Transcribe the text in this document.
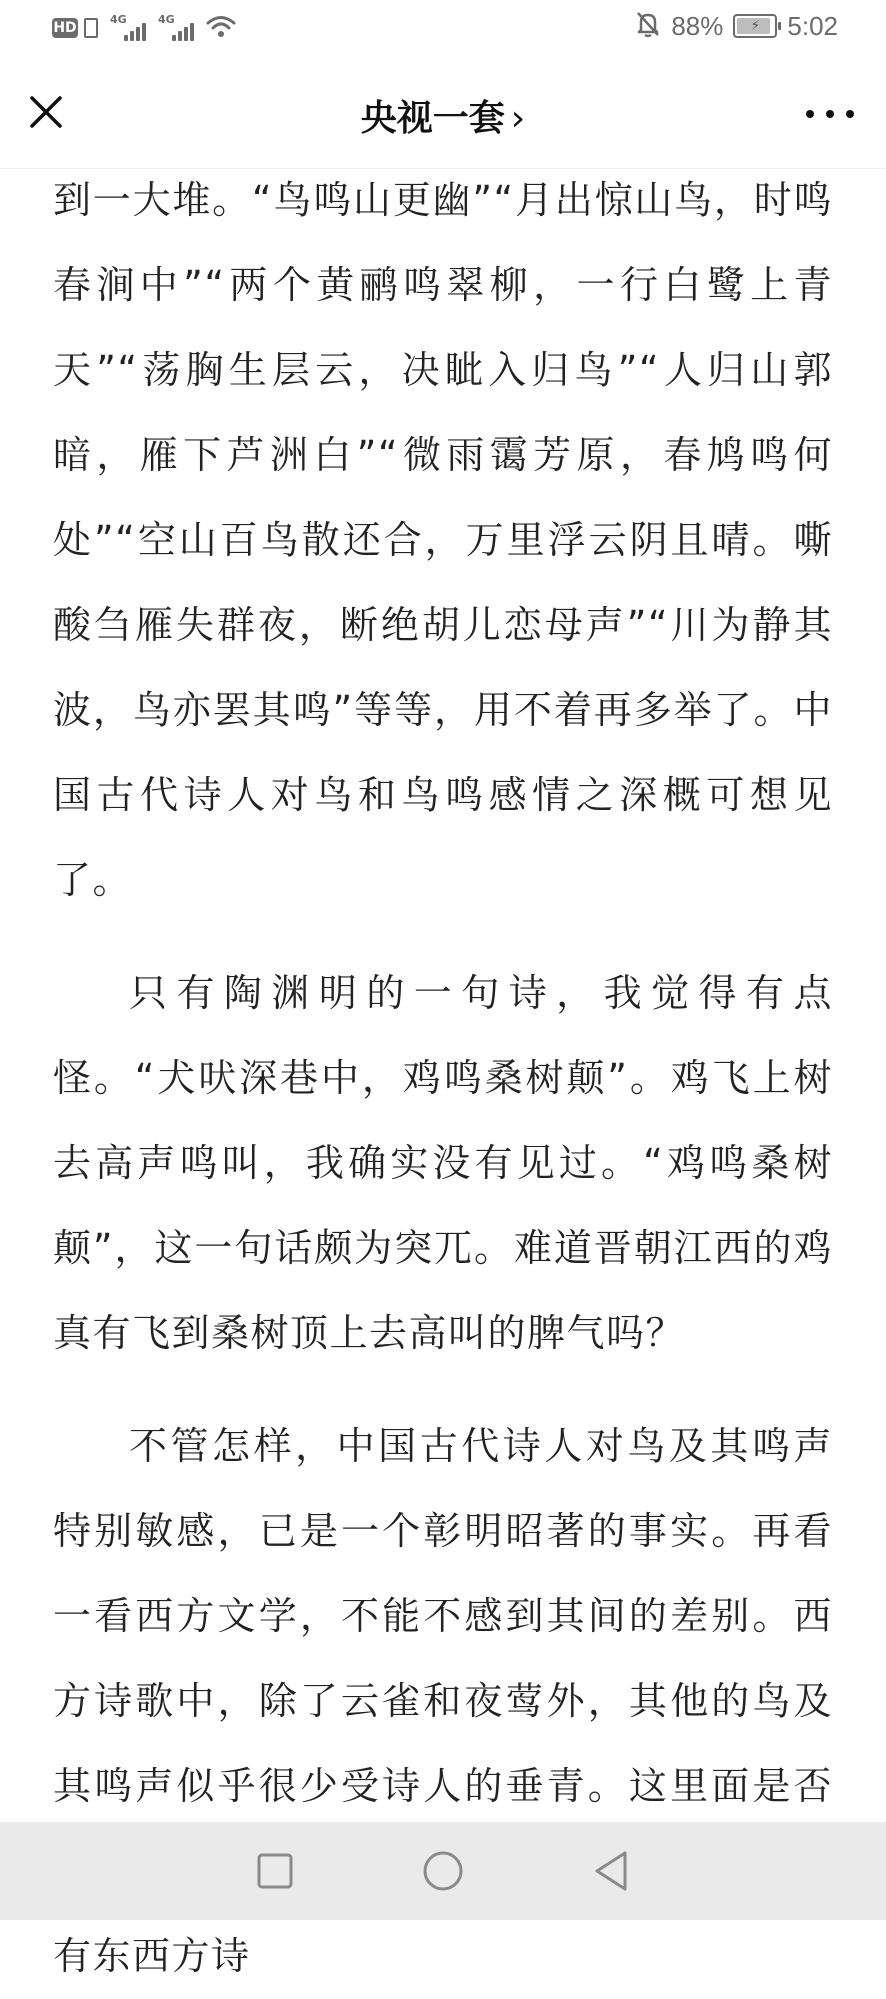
HD
4G	4G	88% ⚡ 5:02
央视一套 ›

到一大堆。“鸟鸣山更幽”“月出惊山鸟，时鸣春涧中”“两个黄鹂鸣翠柳，一行白鹭上青天”“荡胸生层云，决眦入归鸟”“人归山郭暗，雁下芦洲白”“微雨霭芳原，春鸠鸣何处”“空山百鸟散还合，万里浮云阴且晴。嘶酸刍雁失群夜，断绝胡儿恋母声”“川为静其波，鸟亦罢其鸣”等等，用不着再多举了。中国古代诗人对鸟和鸟鸣感情之深概可想见了。

只有陶渊明的一句诗，我觉得有点怪。“犬吠深巷中，鸡鸣桑树颠”。鸡飞上树去高声鸣叫，我确实没有见过。“鸡鸣桑树颠”，这一句话颇为突兀。难道晋朝江西的鸡真有飞到桑树顶上去高叫的脾气吗？

不管怎样，中国古代诗人对鸟及其鸣声特别敏感，已是一个彰明昭著的事实。再看一看西方文学，不能不感到其间的差别。西方诗歌中，除了云雀和夜莺外，其他的鸟及其鸣声似乎很少受诗人的垂青。这里面是否 有东西方诗
